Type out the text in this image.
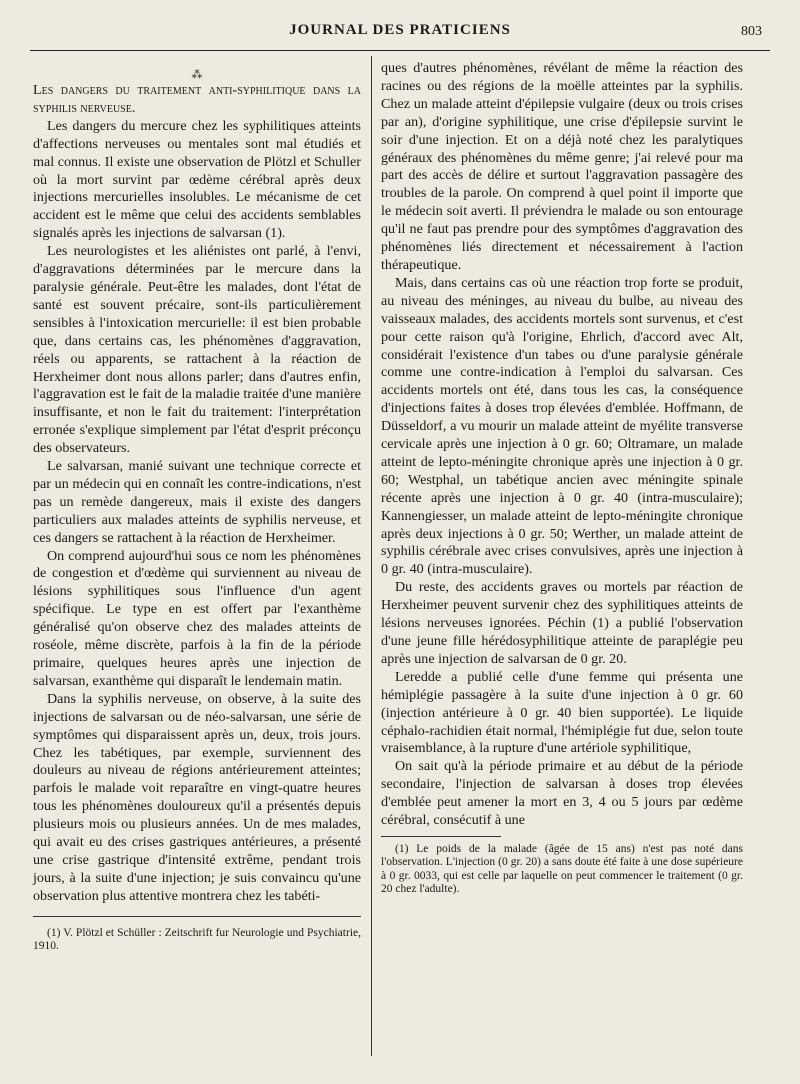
JOURNAL DES PRATICIENS	803
⁂

Les dangers du traitement anti-syphilitique dans la syphilis nerveuse.

Les dangers du mercure chez les syphilitiques atteints d'affections nerveuses ou mentales sont mal étudiés et mal connus. Il existe une observation de Plötzl et Schuller où la mort survint par œdème cérébral après deux injections mercurielles insolubles. Le mécanisme de cet accident est le même que celui des accidents semblables signalés après les injections de salvarsan (1).

Les neurologistes et les aliénistes ont parlé, à l'envi, d'aggravations déterminées par le mercure dans la paralysie générale. Peut-être les malades, dont l'état de santé est souvent précaire, sont-ils particulièrement sensibles à l'intoxication mercurielle: il est bien probable que, dans certains cas, les phénomènes d'aggravation, réels ou apparents, se rattachent à la réaction de Herxheimer dont nous allons parler; dans d'autres enfin, l'aggravation est le fait de la maladie traitée d'une manière insuffisante, et non le fait du traitement: l'interprétation erronée s'explique simplement par l'état d'esprit préconçu des observateurs.

Le salvarsan, manié suivant une technique correcte et par un médecin qui en connaît les contre-indications, n'est pas un remède dangereux, mais il existe des dangers particuliers aux malades atteints de syphilis nerveuse, et ces dangers se rattachent à la réaction de Herxheimer.

On comprend aujourd'hui sous ce nom les phénomènes de congestion et d'œdème qui surviennent au niveau de lésions syphilitiques sous l'influence d'un agent spécifique. Le type en est offert par l'exanthème généralisé qu'on observe chez des malades atteints de roséole, même discrète, parfois à la fin de la période primaire, quelques heures après une injection de salvarsan, exanthème qui disparaît le lendemain matin.

Dans la syphilis nerveuse, on observe, à la suite des injections de salvarsan ou de néo-salvarsan, une série de symptômes qui disparaissent après un, deux, trois jours. Chez les tabétiques, par exemple, surviennent des douleurs au niveau de régions antérieurement atteintes; parfois le malade voit reparaître en vingt-quatre heures tous les phénomènes douloureux qu'il a présentés depuis plusieurs mois ou plusieurs années. Un de mes malades, qui avait eu des crises gastriques antérieures, a présenté une crise gastrique d'intensité extrême, pendant trois jours, à la suite d'une injection; je suis convaincu qu'une observation plus attentive montrera chez les tabéti-

(1) V. Plötzl et Schüller : Zeitschrift fur Neurologie und Psychiatrie, 1910.

ques d'autres phénomènes, révélant de même la réaction des racines ou des régions de la moëlle atteintes par la syphilis. Chez un malade atteint d'épilepsie vulgaire (deux ou trois crises par an), d'origine syphilitique, une crise d'épilepsie survint le soir d'une injection. Et on a déjà noté chez les paralytiques généraux des phénomènes du même genre; j'ai relevé pour ma part des accès de délire et surtout l'aggravation passagère des troubles de la parole. On comprend à quel point il importe que le médecin soit averti. Il préviendra le malade ou son entourage qu'il ne faut pas prendre pour des symptômes d'aggravation des phénomènes liés directement et nécessairement à l'action thérapeutique.

Mais, dans certains cas où une réaction trop forte se produit, au niveau des méninges, au niveau du bulbe, au niveau des vaisseaux malades, des accidents mortels sont survenus, et c'est pour cette raison qu'à l'origine, Ehrlich, d'accord avec Alt, considérait l'existence d'un tabes ou d'une paralysie générale comme une contre-indication à l'emploi du salvarsan. Ces accidents mortels ont été, dans tous les cas, la conséquence d'injections faites à doses trop élevées d'emblée. Hoffmann, de Düsseldorf, a vu mourir un malade atteint de myélite transverse cervicale après une injection à 0 gr. 60; Oltramare, un malade atteint de lepto-méningite chronique après une injection à 0 gr. 60; Westphal, un tabétique ancien avec méningite spinale récente après une injection à 0 gr. 40 (intra-musculaire); Kannengiesser, un malade atteint de lepto-méningite chronique après deux injections à 0 gr. 50; Werther, un malade atteint de syphilis cérébrale avec crises convulsives, après une injection à 0 gr. 40 (intra-musculaire).

Du reste, des accidents graves ou mortels par réaction de Herxheimer peuvent survenir chez des syphilitiques atteints de lésions nerveuses ignorées. Péchin (1) a publié l'observation d'une jeune fille hérédosyphilitique atteinte de paraplégie peu après une injection de salvarsan de 0 gr. 20.

Leredde a publié celle d'une femme qui présenta une hémiplégie passagère à la suite d'une injection à 0 gr. 60 (injection antérieure à 0 gr. 40 bien supportée). Le liquide céphalo-rachidien était normal, l'hémiplégie fut due, selon toute vraisemblance, à la rupture d'une artériole syphilitique,

On sait qu'à la période primaire et au début de la période secondaire, l'injection de salvarsan à doses trop élevées d'emblée peut amener la mort en 3, 4 ou 5 jours par œdème cérébral, consécutif à une

(1) Le poids de la malade (âgée de 15 ans) n'est pas noté dans l'observation. L'injection (0 gr. 20) a sans doute été faite à une dose supérieure à 0 gr. 0033, qui est celle par laquelle on peut commencer le traitement (0 gr. 20 chez l'adulte).
